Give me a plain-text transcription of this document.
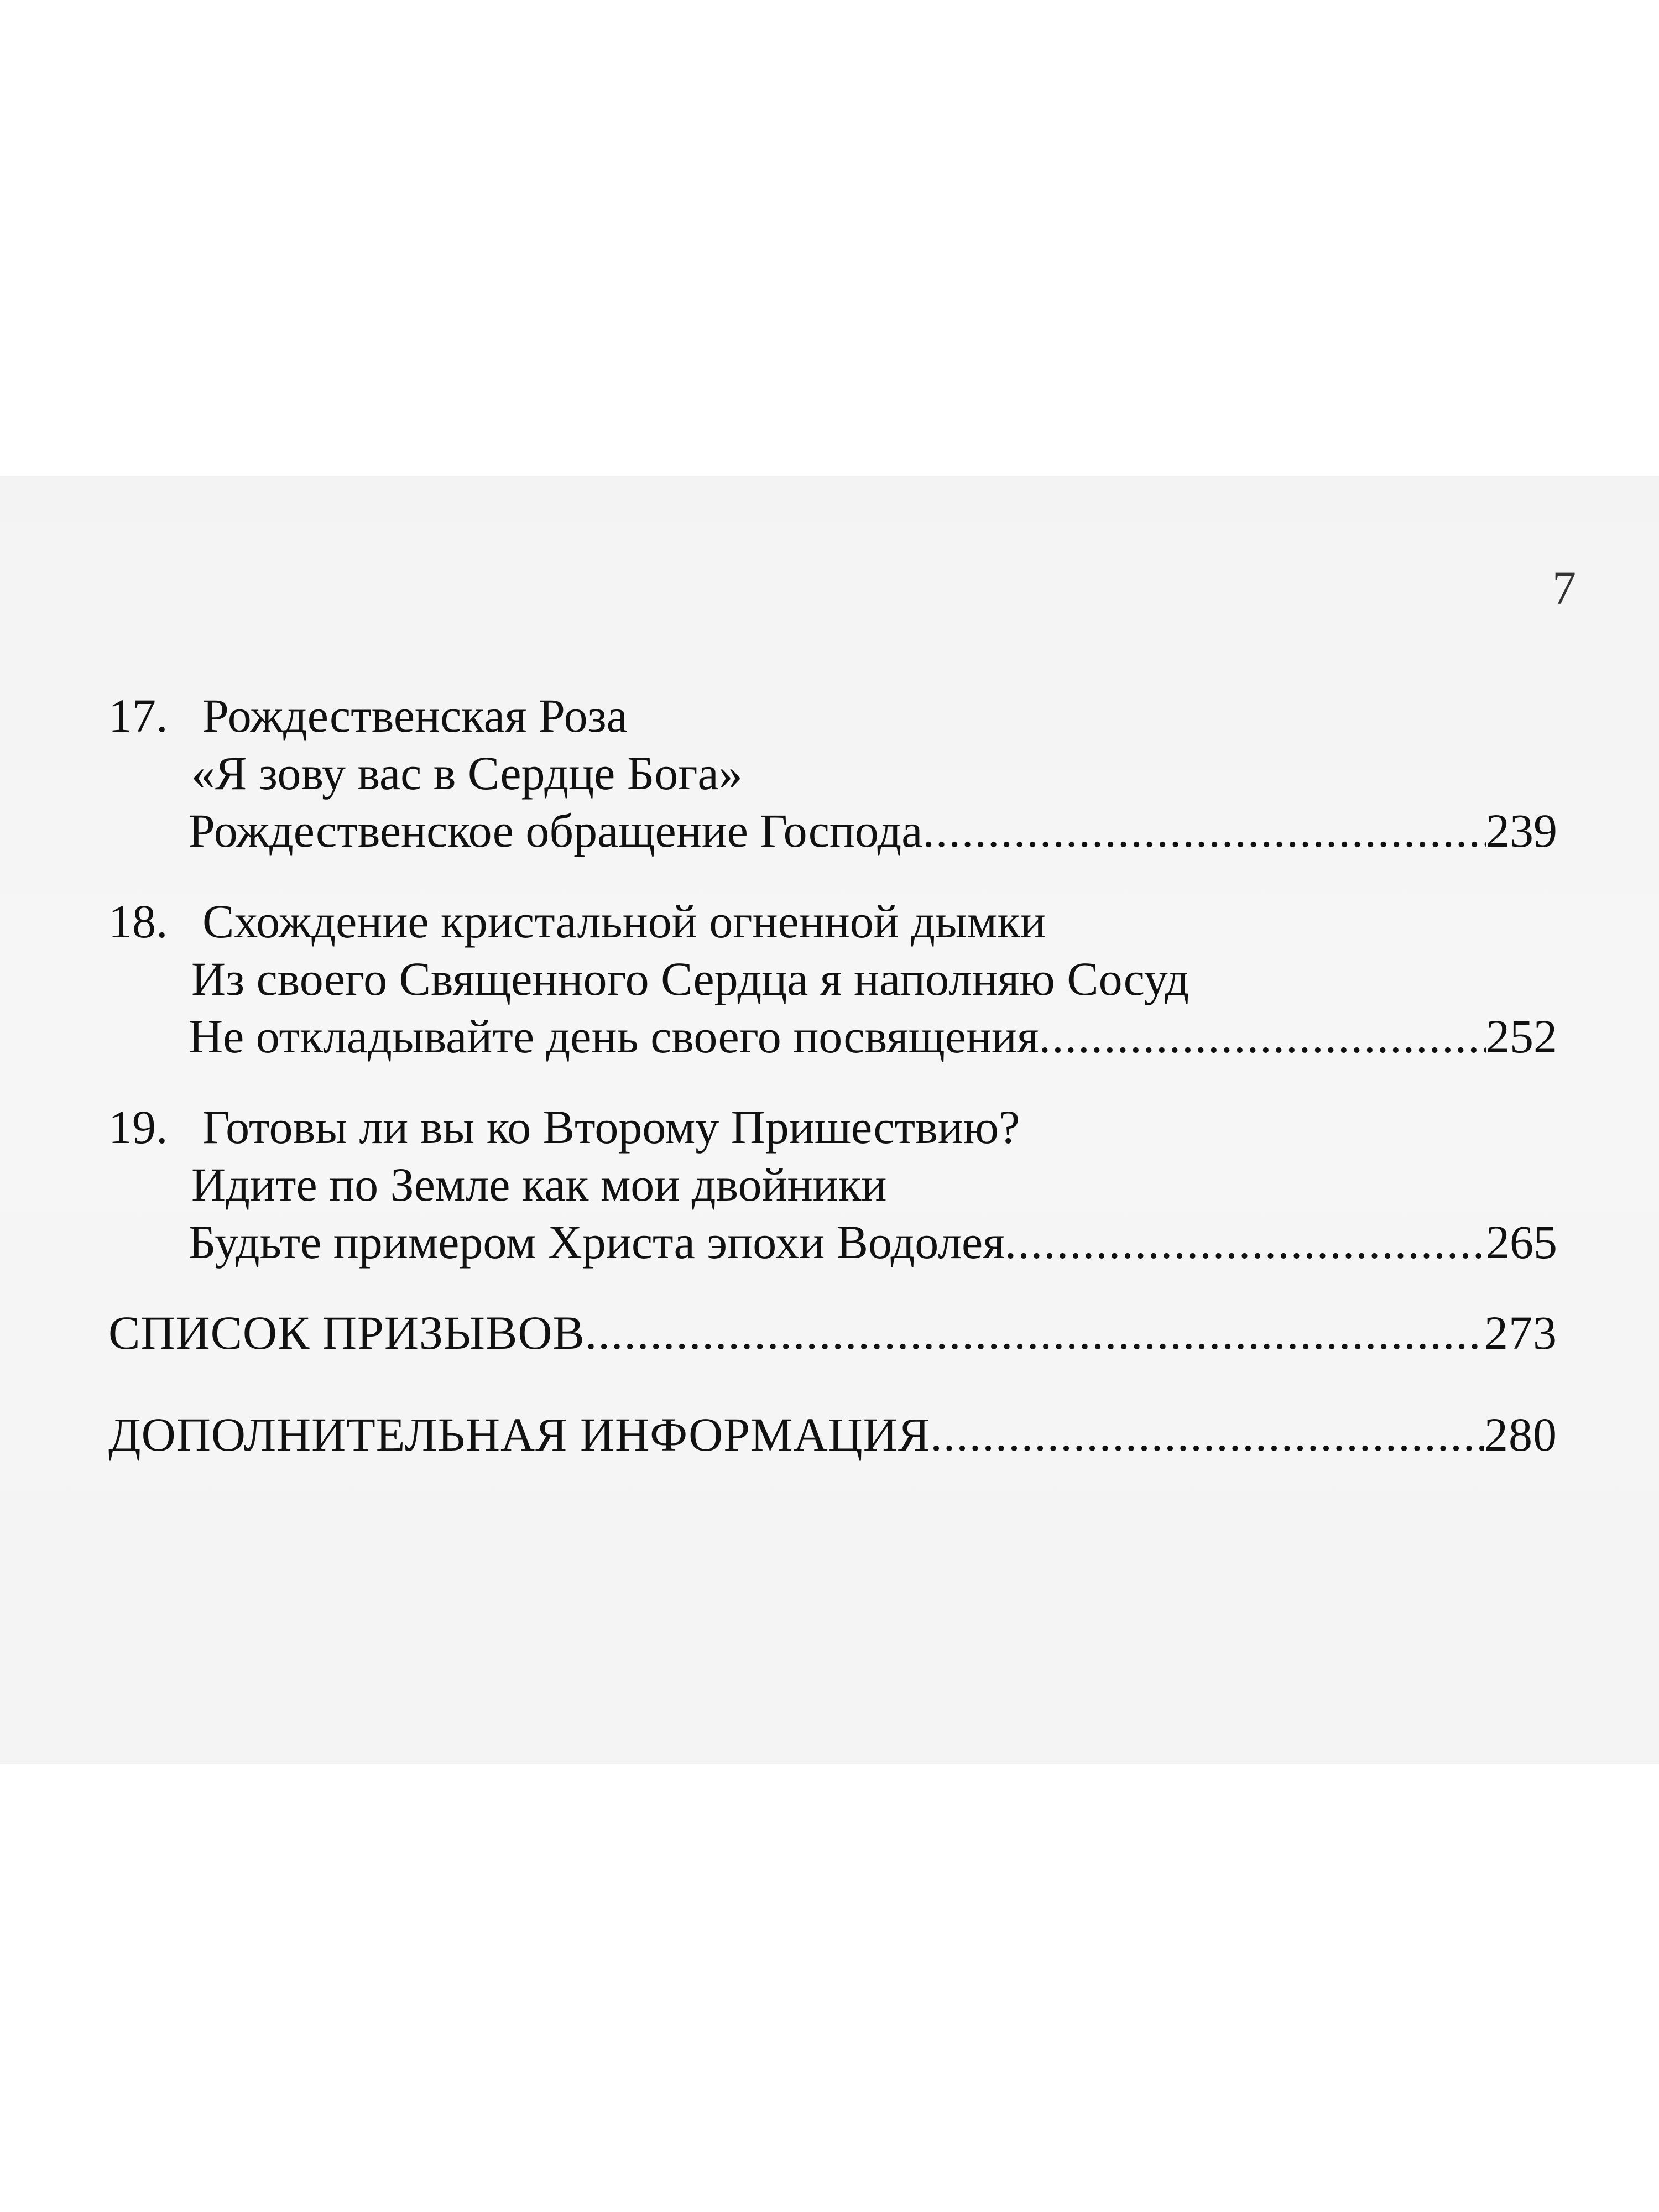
7
17. Рождественская Роза
«Я зову вас в Сердце Бога»
Рождественское обращение Господа .....	239
18. Схождение кристальной огненной дымки
Из своего Священного Сердца я наполняю Сосуд
Не откладывайте день своего посвящения .....	252
19. Готовы ли вы ко Второму Пришествию?
Идите по Земле как мои двойники
Будьте примером Христа эпохи Водолея .....	265
СПИСОК ПРИЗЫВОВ .....	273
ДОПОЛНИТЕЛЬНАЯ ИНФОРМАЦИЯ .....	280
